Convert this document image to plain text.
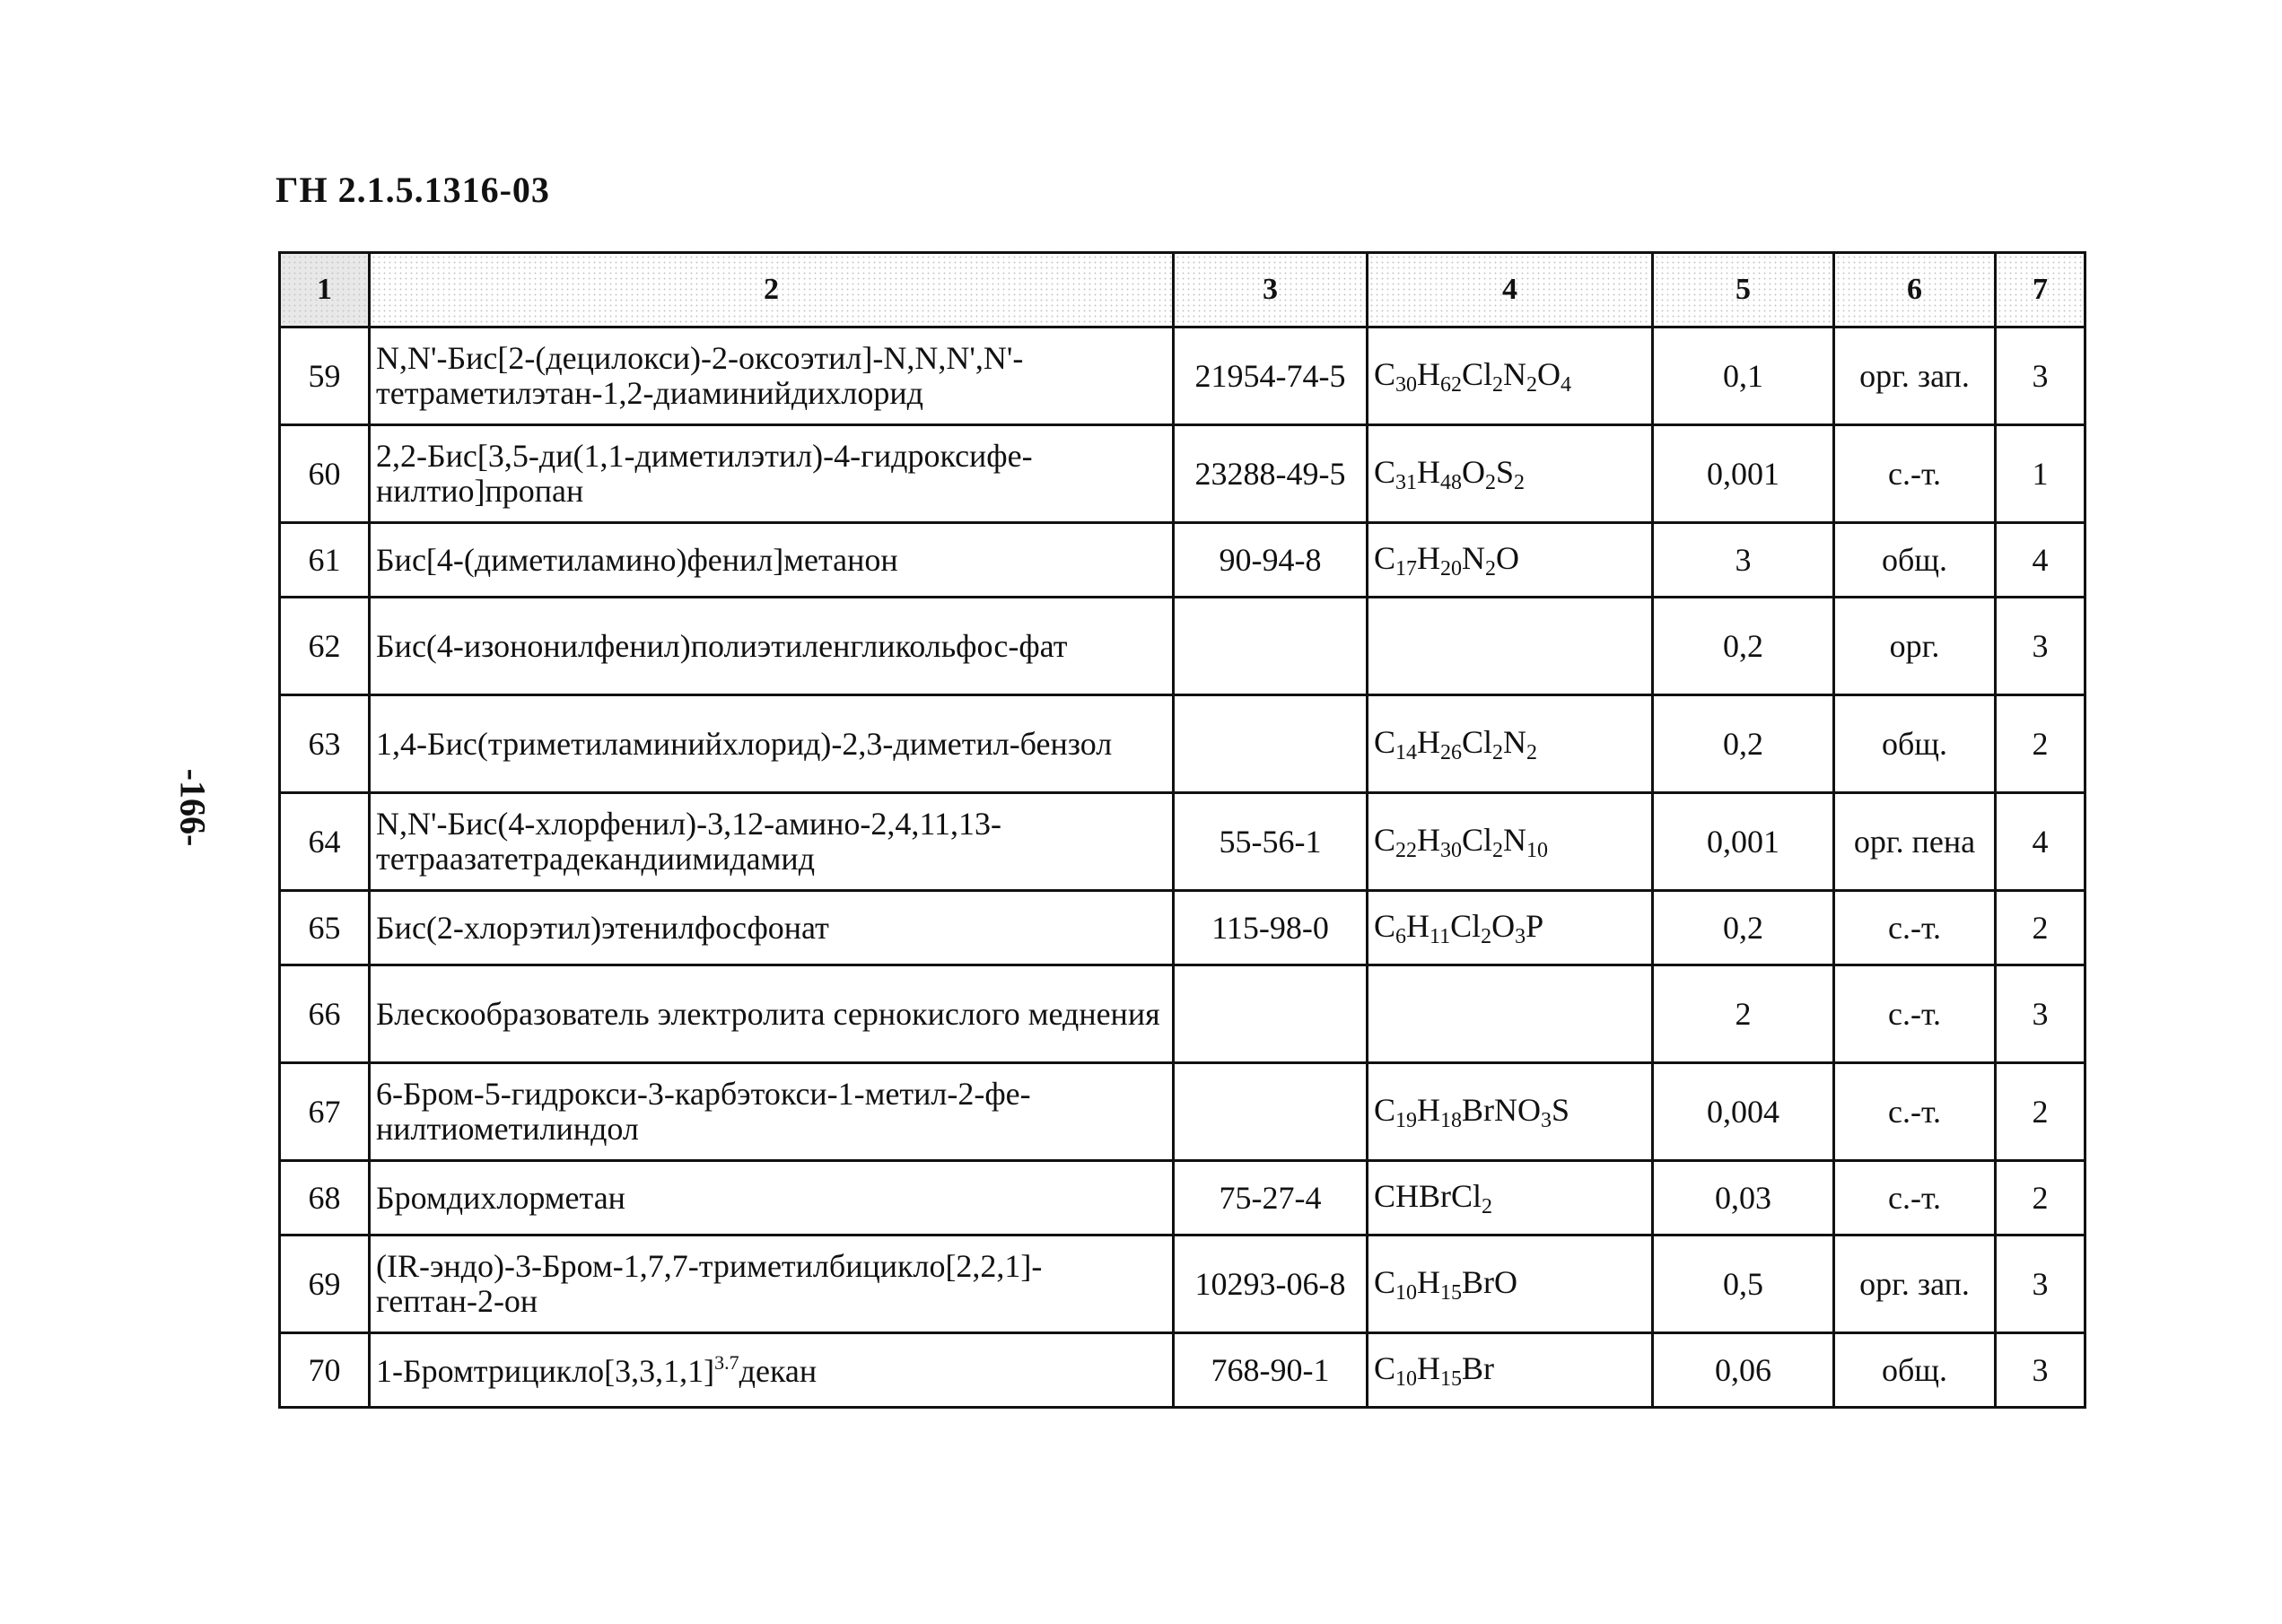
ГН 2.1.5.1316-03
-166-
1	2	3	4	5	6	7
59	N,N'-Бис[2-(децилокси)-2-оксоэтил]-N,N,N',N'-тетраметилэтан-1,2-диаминийдихлорид	21954-74-5	$C_{30}H_{62}Cl_2N_2O_4$	0,1	орг. зап.	3
60	2,2-Бис[3,5-ди(1,1-диметилэтил)-4-гидроксифе-нилтио]пропан	23288-49-5	$C_{31}H_{48}O_2S_2$	0,001	с.-т.	1
61	Бис[4-(диметиламино)фенил]метанон	90-94-8	$C_{17}H_{20}N_2O$	3	общ.	4
62	Бис(4-изононилфенил)полиэтиленгликольфос-фат			0,2	орг.	3
63	1,4-Бис(триметиламинийхлорид)-2,3-диметил-бензол		$C_{14}H_{26}Cl_2N_2$	0,2	общ.	2
64	N,N'-Бис(4-хлорфенил)-3,12-амино-2,4,11,13-тетраазатетрадекандиимидамид	55-56-1	$C_{22}H_{30}Cl_2N_{10}$	0,001	орг. пена	4
65	Бис(2-хлорэтил)этенилфосфонат	115-98-0	$C_6H_{11}Cl_2O_3P$	0,2	с.-т.	2
66	Блескообразователь электролита сернокислого меднения			2	с.-т.	3
67	6-Бром-5-гидрокси-3-карбэтокси-1-метил-2-фе-нилтиометилиндол		$C_{19}H_{18}BrNO_3S$	0,004	с.-т.	2
68	Бромдихлорметан	75-27-4	CHBrCl$_2$	0,03	с.-т.	2
69	(IR-эндо)-3-Бром-1,7,7-триметилбицикло[2,2,1]-гептан-2-он	10293-06-8	$C_{10}H_{15}BrO$	0,5	орг. зап.	3
70	$1-Бромтрицикло[3,3,1,1]^{3.7}декан$	768-90-1	$C_{10}H_{15}Br$	0,06	общ.	3
